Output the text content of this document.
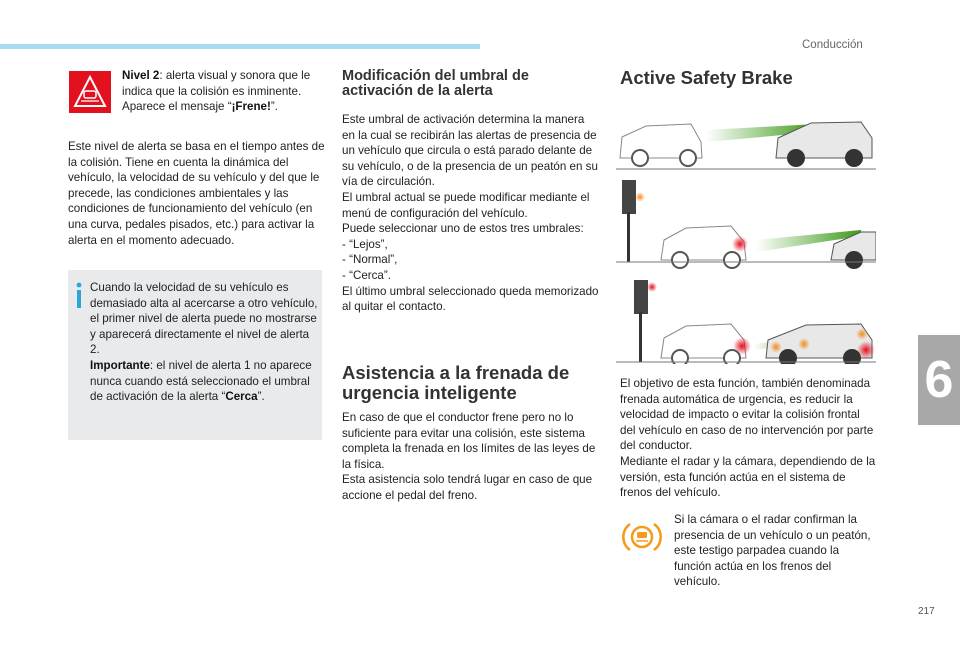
Conducción
6
217
Nivel 2: alerta visual y sonora que le indica que la colisión es inminente. Aparece el mensaje “¡Frene!”.
Este nivel de alerta se basa en el tiempo antes de la colisión. Tiene en cuenta la dinámica del vehículo, la velocidad de su vehículo y del que le precede, las condiciones ambientales y las condiciones de funcionamiento del vehículo (en una curva, pedales pisados, etc.) para activar la alerta en el momento adecuado.
Cuando la velocidad de su vehículo es demasiado alta al acercarse a otro vehículo, el primer nivel de alerta puede no mostrarse y aparecerá directamente el nivel de alerta 2.
Importante: el nivel de alerta 1 no aparece nunca cuando está seleccionado el umbral de activación de la alerta “Cerca”.
Modificación del umbral de activación de la alerta
Este umbral de activación determina la manera en la cual se recibirán las alertas de presencia de un vehículo que circula o está parado delante de su vehículo, o de la presencia de un peatón en su vía de circulación.
El umbral actual se puede modificar mediante el menú de configuración del vehículo.
Puede seleccionar uno de estos tres umbrales:
- “Lejos”,
- “Normal”,
- “Cerca”.
El último umbral seleccionado queda memorizado al quitar el contacto.
Asistencia a la frenada de urgencia inteligente
En caso de que el conductor frene pero no lo suficiente para evitar una colisión, este sistema completa la frenada en los límites de las leyes de la física.
Esta asistencia solo tendrá lugar en caso de que accione el pedal del freno.
Active Safety Brake
El objetivo de esta función, también denominada frenada automática de urgencia, es reducir la velocidad de impacto o evitar la colisión frontal del vehículo en caso de no intervención por parte del conductor.
Mediante el radar y la cámara, dependiendo de la versión, esta función actúa en el sistema de frenos del vehículo.
Si la cámara o el radar confirman la presencia de un vehículo o un peatón, este testigo parpadea cuando la función actúa en los frenos del vehículo.
